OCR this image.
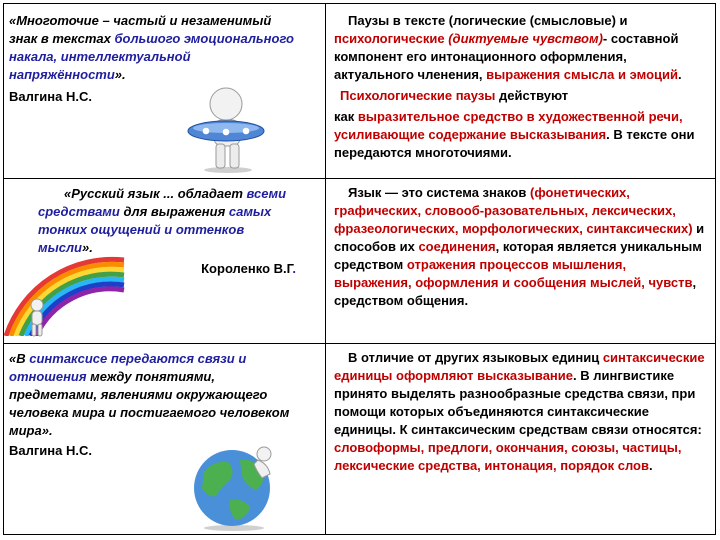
«Многоточие – частый и незаменимый знак в текстах большого эмоционального накала, интеллектуальной напряжённости».
Валгина Н.С.
Паузы в тексте (логические (смысловые) и психологические (диктуемые чувством)- составной компонент его интонационного оформления, актуального членения, выражения смысла и эмоций.
Психологические паузы действуют
как выразительное средство в художественной речи, усиливающие содержание высказывания. В тексте они передаются многоточиями.
«Русский язык ... обладает всеми средствами для выражения самых тонких ощущений и оттенков мысли».
Короленко В.Г.
Язык — это система знаков (фонетических, графических, словооб-разовательных, лексических, фразеологических, морфологических, синтаксических) и способов их соединения, которая является уникальным средством отражения процессов мышления, выражения, оформления и сообщения мыслей, чувств, средством общения.
«В синтаксисе передаются связи и отношения между понятиями, предметами, явлениями окружающего человека мира и постигаемого человеком мира».
Валгина Н.С.
В отличие от других языковых единиц синтаксические единицы оформляют высказывание. В лингвистике принято выделять разнообразные средства связи, при помощи которых объединяются синтаксические единицы. К синтаксическим средствам связи относятся: словоформы, предлоги, окончания, союзы, частицы, лексические средства, интонация, порядок слов.
